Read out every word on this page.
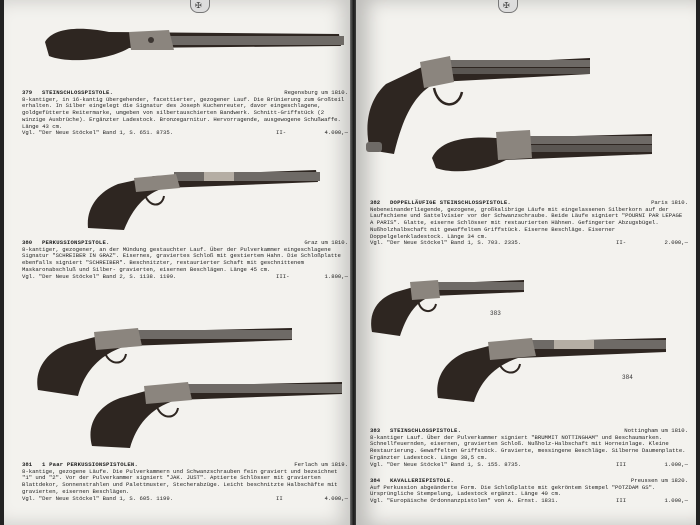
✠
379	STEINSCHLOSSPISTOLE.	Regensburg um 1810.
8-kantiger, in 16-kantig übergehender, facettierter, gezogener Lauf. Die Brünierung zum Großteil erhalten. In Silber eingelegt die Signatur des Joseph Kuchenreuter, davor eingeschlagene, goldgefütterte Reitermarke, umgeben von silbertauschierten Bandwerk. Schnitt-Griffstück (2 winzige Ausbrüche). Ergänzter Ladestock. Bronzegarnitur. Hervorragende, ausgewogene Schußwaffe. Länge 43 cm.
Vgl. "Der Neue Stöckel" Band 1, S. 651. 8735.	II-	4.000,—
380	PERKUSSIONSPISTOLE.	Graz um 1810.
8-kantiger, gezogener, an der Mündung gestauchter Lauf. Über der Pulverkammer eingeschlagene Signatur "SCHREIBER IN GRAZ". Eisernes, graviertes Schloß mit gestiertem Hahn. Die Schloßplatte ebenfalls signiert "SCHREIBER". Beschnitzter, restaurierter Schaft mit geschnittenem Maskaronabschluß und Silber- gravierten, eisernen Beschlägen. Länge 45 cm.
Vgl. "Der Neue Stöckel" Band 2, S. 1138. 1199.	III-	1.800,—
381	1 Paar PERKUSSIONSPISTOLEN.	Ferlach um 1819.
8-kantige, gezogene Läufe. Die Pulverkammern und Schwanzschrauben fein graviert und bezeichnet "1" und "2". Vor der Pulverkammer signiert "JAK. JUST". Aptierte Schlösser mit gravierten Blattdekor, Sonnenstrahlen und Palettmuster, Stecherabzüge. Leicht beschnitzte Halbschäfte mit gravierten, eisernen Beschlägen.
Vgl. "Der Neue Stöckel" Band 1, S. 605. 1199.	II	4.000,—
✠
382	DOPPELLÄUFIGE STEINSCHLOSSPISTOLE.	Paris 1810.
Nebeneinanderliegende, gezogene, großkalibrige Läufe mit eingelassenen Silberkorn auf der Laufschiene und Sattelvisier vor der Schwanzschraube. Beide Läufe signiert "POURNI PAR LEPAGE A PARIS". Glatte, eiserne Schlösser mit restaurierten Hähnen. Gefingerter Abzugsbügel. Nußholzhalbschaft mit gewaffeltem Griffstück. Eiserne Beschläge. Eiserner Doppelgelenkladestock. Länge 34 cm.
Vgl. "Der Neue Stöckel" Band 1, S. 703. 2335.	II-	2.000,—
383
384
383	STEINSCHLOSSPISTOLE.	Nottingham um 1810.
8-kantiger Lauf. Über der Pulverkammer signiert "BRUMMIT NOTTINGHAM" und Beschaumarken. Schnellfeuernden, eisernen, gravierten Schloß. Nußholz-Halbschaft mit Horneinlage. Kleine Restaurierung. Gewaffelten Griffstück. Gravierte, messingene Beschläge. Silberne Daumenplatte. Ergänzter Ladestock. Länge 38,5 cm.
Vgl. "Der Neue Stöckel" Band 1, S. 155. 8735.	III	1.000,—
384	KAVALLERIEPISTOLE.	Preussen um 1820.
Auf Perkussion abgeänderte Form. Die Schloßplatte mit gekröntem Stempel "POTZDAM GS". Ursprüngliche Stempelung, Ladestock ergänzt. Länge 40 cm.
Vgl. "Europäische Ordonnanzpistolen" von A. Ernst. 1831.	III	1.000,—
